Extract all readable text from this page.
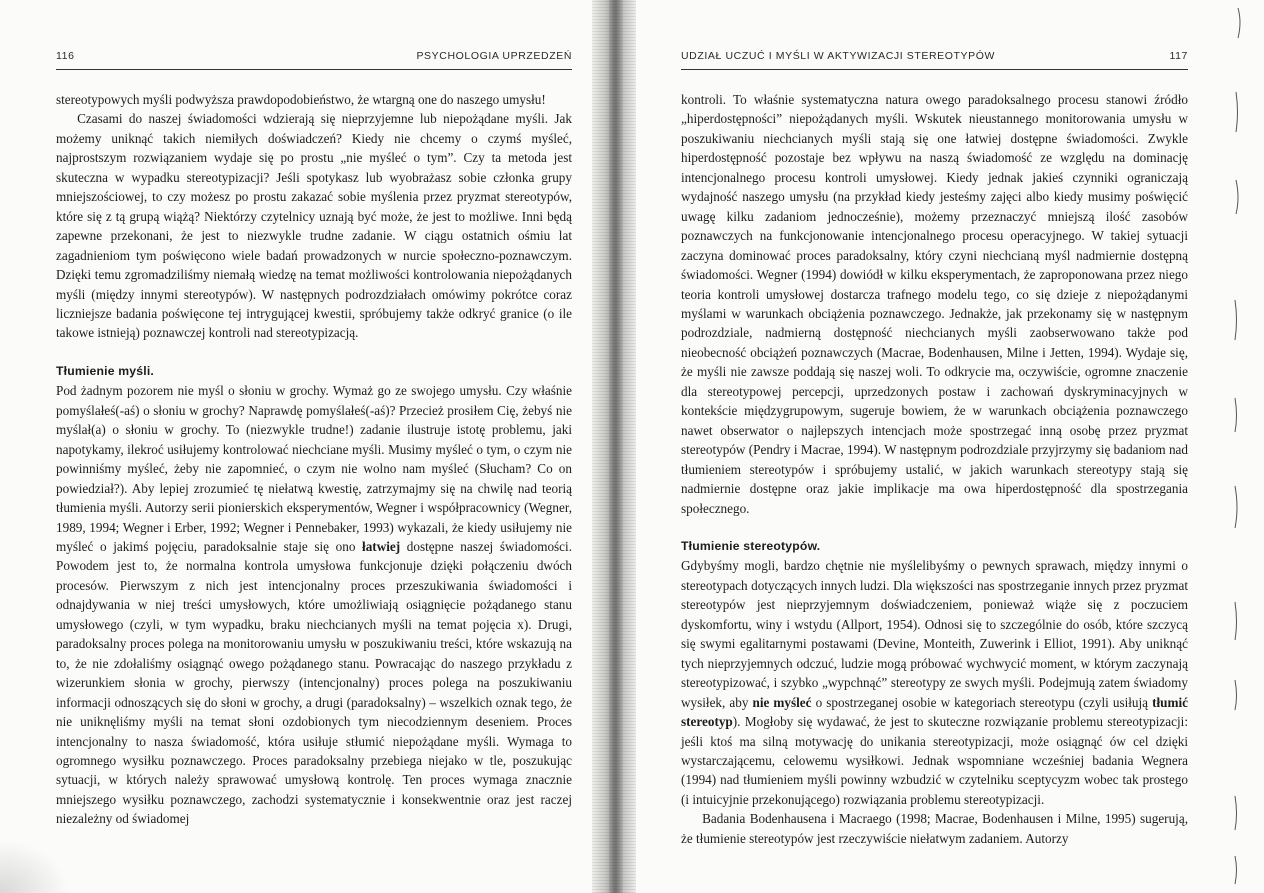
116	PSYCHOLOGIA UPRZEDZEŃ

stereotypowych myśli podwyższa prawdopodobieństwo, że wtargną one do naszego umysłu!

Czasami do naszej świadomości wdzierają się nieprzyjemne lub niepożądane myśli. Jak możemy uniknąć takich niemiłych doświadczeń? Kiedy nie chcemy o czymś myśleć, najprostszym rozwiązaniem wydaje się po prostu „nie myśleć o tym”. Czy ta metoda jest skuteczna w wypadku stereotypizacji? Jeśli spotykasz lub wyobrażasz sobie członka grupy mniejszościowej, to czy możesz po prostu zakazać sobie myślenia przez pryzmat stereotypów, które się z tą grupą wiążą? Niektórzy czytelnicy uznają być może, że jest to możliwe. Inni będą zapewne przekonani, że jest to niezwykle trudne zadanie. W ciągu ostatnich ośmiu lat zagadnieniom tym poświęcono wiele badań prowadzonych w nurcie społeczno-poznawczym. Dzięki temu zgromadziliśmy niemałą wiedzę na temat możliwości kontrolowania niepożądanych myśli (między innymi stereotypów). W następnych podrozdziałach omówimy pokrótce coraz liczniejsze badania poświęcone tej intrygującej kwestii, spróbujemy także odkryć granice (o ile takowe istnieją) poznawczej kontroli nad stereotypizacją.

Tłumienie myśli.

Pod żadnym pozorem nie myśl o słoniu w grochy. Wymaż go ze swojego umysłu. Czy właśnie pomyślałeś(-aś) o słoniu w grochy? Naprawdę pomyślałeś(-aś)? Przecież prosiłem Cię, żebyś nie myślał(a) o słoniu w grochy. To (niezwykle trudne!) zadanie ilustruje istotę problemu, jaki napotykamy, ilekroć usiłujemy kontrolować niechciane myśli. Musimy myśleć o tym, o czym nie powinniśmy myśleć, żeby nie zapomnieć, o czym nie wolno nam myśleć (Słucham? Co on powiedział?). Aby lepiej zrozumieć tę niełatwą kwestię, zatrzymajmy się na chwilę nad teorią tłumienia myśli. Autorzy serii pionierskich eksperymentów, Wegner i współpracownicy (Wegner, 1989, 1994; Wegner i Erber, 1992; Wegner i Pennebaker, 1993) wykazali, że kiedy usiłujemy nie myśleć o jakimś pojęciu, paradoksalnie staje się ono łatwiej dostępne naszej świadomości. Powodem jest to, że normalna kontrola umysłowa funkcjonuje dzięki połączeniu dwóch procesów. Pierwszym z nich jest intencjonalny proces przeszukiwania świadomości i odnajdywania w niej treści umysłowych, które umożliwiają osiągnięcie pożądanego stanu umysłowego (czyli, w tym wypadku, braku niechcianych myśli na temat pojęcia x). Drugi, paradoksalny proces polega na monitorowaniu umysłu w poszukiwaniu treści, które wskazują na to, że nie zdołaliśmy osiągnąć owego pożądanego stanu. Powracając do naszego przykładu z wizerunkiem słonia w grochy, pierwszy (intencjonalny) proces polega na poszukiwaniu informacji odnoszących się do słoni w grochy, a drugi (paradoksalny) – wszelkich oznak tego, że nie uniknęliśmy myśli na temat słoni ozdobionych tym niecodziennym deseniem. Proces intencjonalny to nasza świadomość, która usiłuje stłumić niepożądane myśli. Wymaga to ogromnego wysiłku poznawczego. Proces paradoksalny przebiega niejako w tle, poszukując sytuacji, w których należy sprawować umysłową kontrolę. Ten proces wymaga znacznie mniejszego wysiłku poznawczego, zachodzi systematycznie i konsekwentnie oraz jest raczej niezależny od świadomej

UDZIAŁ UCZUĆ I MYŚLI W AKTYWIZACJI STEREOTYPÓW	117

kontroli. To właśnie systematyczna natura owego paradoksalnego procesu stanowi źródło „hiperdostępności” niepożądanych myśli. Wskutek nieustannego monitorowania umysłu w poszukiwaniu niechcianych myśli stają się one łatwiej dostępne świadomości. Zwykle hiperdostępność pozostaje bez wpływu na naszą świadomość ze względu na dominację intencjonalnego procesu kontroli umysłowej. Kiedy jednak jakieś czynniki ograniczają wydajność naszego umysłu (na przykład kiedy jesteśmy zajęci albo kiedy musimy poświęcić uwagę kilku zadaniom jednocześnie), możemy przeznaczyć mniejszą ilość zasobów poznawczych na funkcjonowanie intencjonalnego procesu operacyjnego. W takiej sytuacji zaczyna dominować proces paradoksalny, który czyni niechcianą myśl nadmiernie dostępną świadomości. Wegner (1994) dowiódł w kilku eksperymentach, że zaproponowana przez niego teoria kontroli umysłowej dostarcza trafnego modelu tego, co się dzieje z niepożądanymi myślami w warunkach obciążenia poznawczego. Jednakże, jak przekonamy się w następnym podrozdziale, nadmierną dostępność niechcianych myśli zaobserwowano także pod nieobecność obciążeń poznawczych (Macrae, Bodenhausen, Milne i Jetten, 1994). Wydaje się, że myśli nie zawsze poddają się naszej woli. To odkrycie ma, oczywiście, ogromne znaczenie dla stereotypowej percepcji, uprzedzonych postaw i zachowań dyskryminacyjnych w kontekście międzygrupowym, sugeruje bowiem, że w warunkach obciążenia poznawczego nawet obserwator o najlepszych intencjach może spostrzegać inną osobę przez pryzmat stereotypów (Pendry i Macrae, 1994). W następnym podrozdziale przyjrzymy się badaniom nad tłumieniem stereotypów i spróbujemy ustalić, w jakich warunkach stereotypy stają się nadmiernie dostępne oraz jakie implikacje ma owa hiperdostępność dla spostrzegania społecznego.

Tłumienie stereotypów.

Gdybyśmy mogli, bardzo chętnie nie myślelibyśmy o pewnych sprawach, między innymi o stereotypach dotyczących innych ludzi. Dla większości nas spostrzeganie innych przez pryzmat stereotypów jest nieprzyjemnym doświadczeniem, ponieważ wiąże się z poczuciem dyskomfortu, winy i wstydu (Allport, 1954). Odnosi się to szczególnie do osób, które szczycą się swymi egalitarnymi postawami (Devine, Monteith, Zuwerink i Elliot, 1991). Aby uniknąć tych nieprzyjemnych odczuć, ludzie mogą próbować wychwycić moment, w którym zaczynają stereotypizować, i szybko „wypchnąć” stereotypy ze swych myśli. Podejmują zatem świadomy wysiłek, aby nie myśleć o spostrzeganej osobie w kategoriach stereotypu (czyli usiłują tłumić stereotyp). Mogłoby się wydawać, że jest to skuteczne rozwiązanie problemu stereotypizacji: jeśli ktoś ma silną motywację do unikania stereotypizacji, może osiągnąć ów cel dzięki wystarczającemu, celowemu wysiłkowi. Jednak wspomniane wcześniej badania Wegnera (1994) nad tłumieniem myśli powinny wzbudzić w czytelniku sceptycyzm wobec tak prostego (i intuicyjnie przekonującego) rozwiązania problemu stereotypizacji.

Badania Bodenhausena i Macraego (1998; Macrae, Bodenhausen i Milne, 1995) sugerują, że tłumienie stereotypów jest rzeczywiście niełatwym zadaniem. Autorzy
